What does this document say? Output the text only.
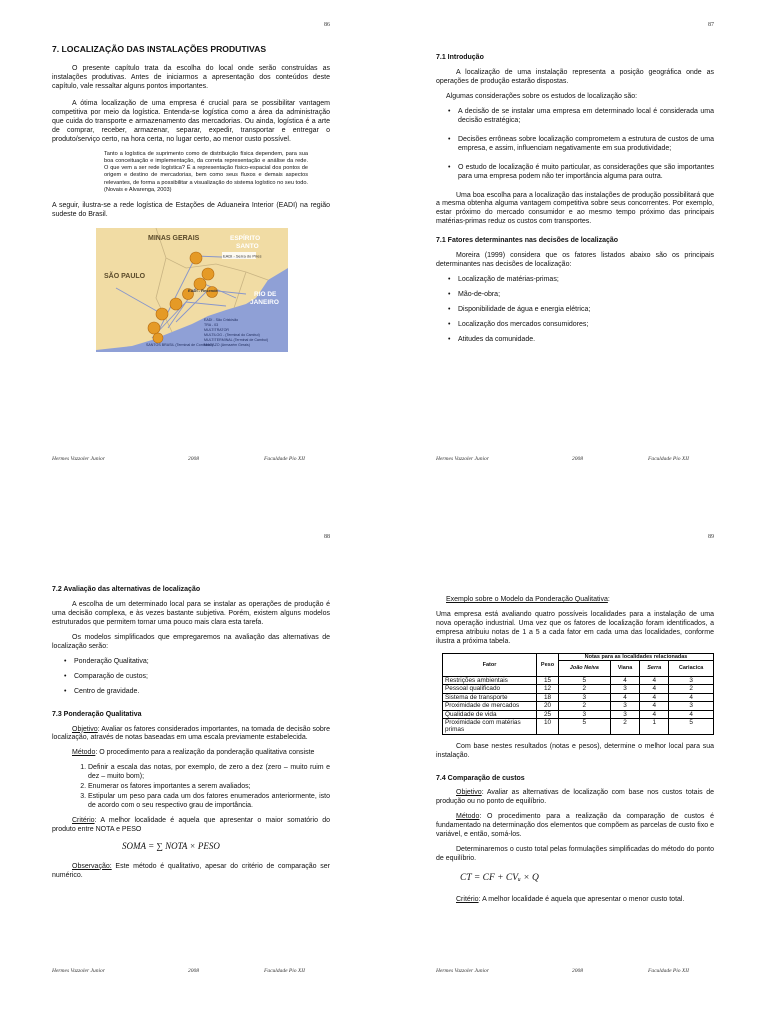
86
7. LOCALIZAÇÃO DAS INSTALAÇÕES PRODUTIVAS

O presente capítulo trata da escolha do local onde serão construídas as instalações produtivas. Antes de iniciarmos a apresentação dos conteúdos deste capítulo, vale ressaltar alguns pontos importantes.

A ótima localização de uma empresa é crucial para se possibilitar vantagem competitiva por meio da logística. Entenda-se logística como a área da administração que cuida do transporte e armazenamento das mercadorias. Ou ainda, logística é a arte de comprar, receber, armazenar, separar, expedir, transportar e entregar o produto/serviço certo, na hora certa, no lugar certo, ao menor custo possível.

Tanto a logística de suprimento como de distribuição física dependem, para sua boa conceituação e implementação, da correta representação e análise da rede. O que vem a ser rede logística? É a representação físico-espacial dos pontos de origem e destino de mercadorias, bem como seus fluxos e demais aspectos relevantes, de forma a possibilitar a visualização do sistema logístico no seu todo. (Novais e Alvarenga, 2003)

A seguir, ilustra-se a rede logística de Estações de Aduaneira Interior (EADI) na região sudeste do Brasil.

EADI - Serra do Pires
EADI - Resende
MINAS GERAIS	ESPÍRITO
SANTO
SÃO PAULO
RIO DE
JANEIRO
EADI - São Cristóvão
TRA - 03
MULTITRATOR
MULTILOG - (Terminal do Cambuí)
MULTITERMINAL (Terminal de Cambuí)
SANTOS BRASIL (Terminal de Contêiner)
MAGAZO (Armazém Gerais)
Hermes Vazzoler Junior	2008	Faculdade Pio XII
87
7.1 Introdução

A localização de uma instalação representa a posição geográfica onde as operações de produção estarão dispostas.

Algumas considerações sobre os estudos de localização são:

• A decisão de se instalar uma empresa em determinado local é considerada uma decisão estratégica;
• Decisões errôneas sobre localização comprometem a estrutura de custos de uma empresa, e assim, influenciam negativamente em sua produtividade;
• O estudo de localização é muito particular, as considerações que são importantes para uma empresa podem não ter importância alguma para outra.

Uma boa escolha para a localização das instalações de produção possibilitará que a mesma obtenha alguma vantagem competitiva sobre seus concorrentes. Por exemplo, estar próximo do mercado consumidor e ao mesmo tempo próximo das principais matérias-primas reduz os custos com transportes.

7.1 Fatores determinantes nas decisões de localização

Moreira (1999) considera que os fatores listados abaixo são os principais determinantes nas decisões de localização:

• Localização de matérias-primas;
• Mão-de-obra;
• Disponibilidade de água e energia elétrica;
• Localização dos mercados consumidores;
• Atitudes da comunidade.
Hermes Vazzoler Junior	2008	Faculdade Pio XII
88
7.2 Avaliação das alternativas de localização

A escolha de um determinado local para se instalar as operações de produção é uma decisão complexa, e às vezes bastante subjetiva. Porém, existem alguns modelos estruturados que permitem tornar uma pouco mais clara esta tarefa.

Os modelos simplificados que empregaremos na avaliação das alternativas de localização serão:

• Ponderação Qualitativa;
• Comparação de custos;
• Centro de gravidade.
7.3 Ponderação Qualitativa

Objetivo: Avaliar os fatores considerados importantes, na tomada de decisão sobre localização, através de notas baseadas em uma escala previamente estabelecida.

Método: O procedimento para a realização da ponderação qualitativa consiste

1. Definir a escala das notas, por exemplo, de zero a dez (zero – muito ruim e dez – muito bom);
2. Enumerar os fatores importantes a serem avaliados;
3. Estipular um peso para cada um dos fatores enumerados anteriormente, isto de acordo com o seu respectivo grau de importância.

Critério: A melhor localidade é aquela que apresentar o maior somatório do produto entre NOTA e PESO

SOMA = ∑ NOTA × PESO

Observação: Este método é qualitativo, apesar do critério de comparação ser numérico.

Hermes Vazzoler Junior	2008	Faculdade Pio XII
89

Exemplo sobre o Modelo da Ponderação Qualitativa:

Uma empresa está avaliando quatro possíveis localidades para a instalação de uma nova operação industrial. Uma vez que os fatores de localização foram identificados, a empresa atribuiu notas de 1 a 5 a cada fator em cada uma das localidades, conforme ilustra a próxima tabela.

Fator	Peso	Notas para as localidades relacionadas			

		João Neiva	Viana	Serra	Cariacica

Restrições ambientais	15	5	4	4	3
Pessoal qualificado	12	2	3	4	2
Sistema de transporte	18	3	4	4	4
Proximidade de mercados	20	2	3	4	3
Qualidade de vida	25	3	3	4	4
Proximidade com matérias primas	10	5	2	1	5

Com base nestes resultados (notas e pesos), determine o melhor local para sua instalação.

7.4 Comparação de custos

Objetivo: Avaliar as alternativas de localização com base nos custos totais de produção ou no ponto de equilíbrio.

Método: O procedimento para a realização da comparação de custos é fundamentado na determinação dos elementos que compõem as parcelas de custo fixo e variável, e então, somá-los.

Determinaremos o custo total pelas formulações simplificadas do método do ponto de equilíbrio.

CT = CF + CVᵤ × Q

Critério: A melhor localidade é aquela que apresentar o menor custo total.

Hermes Vazzoler Junior	2008	Faculdade Pio XII
